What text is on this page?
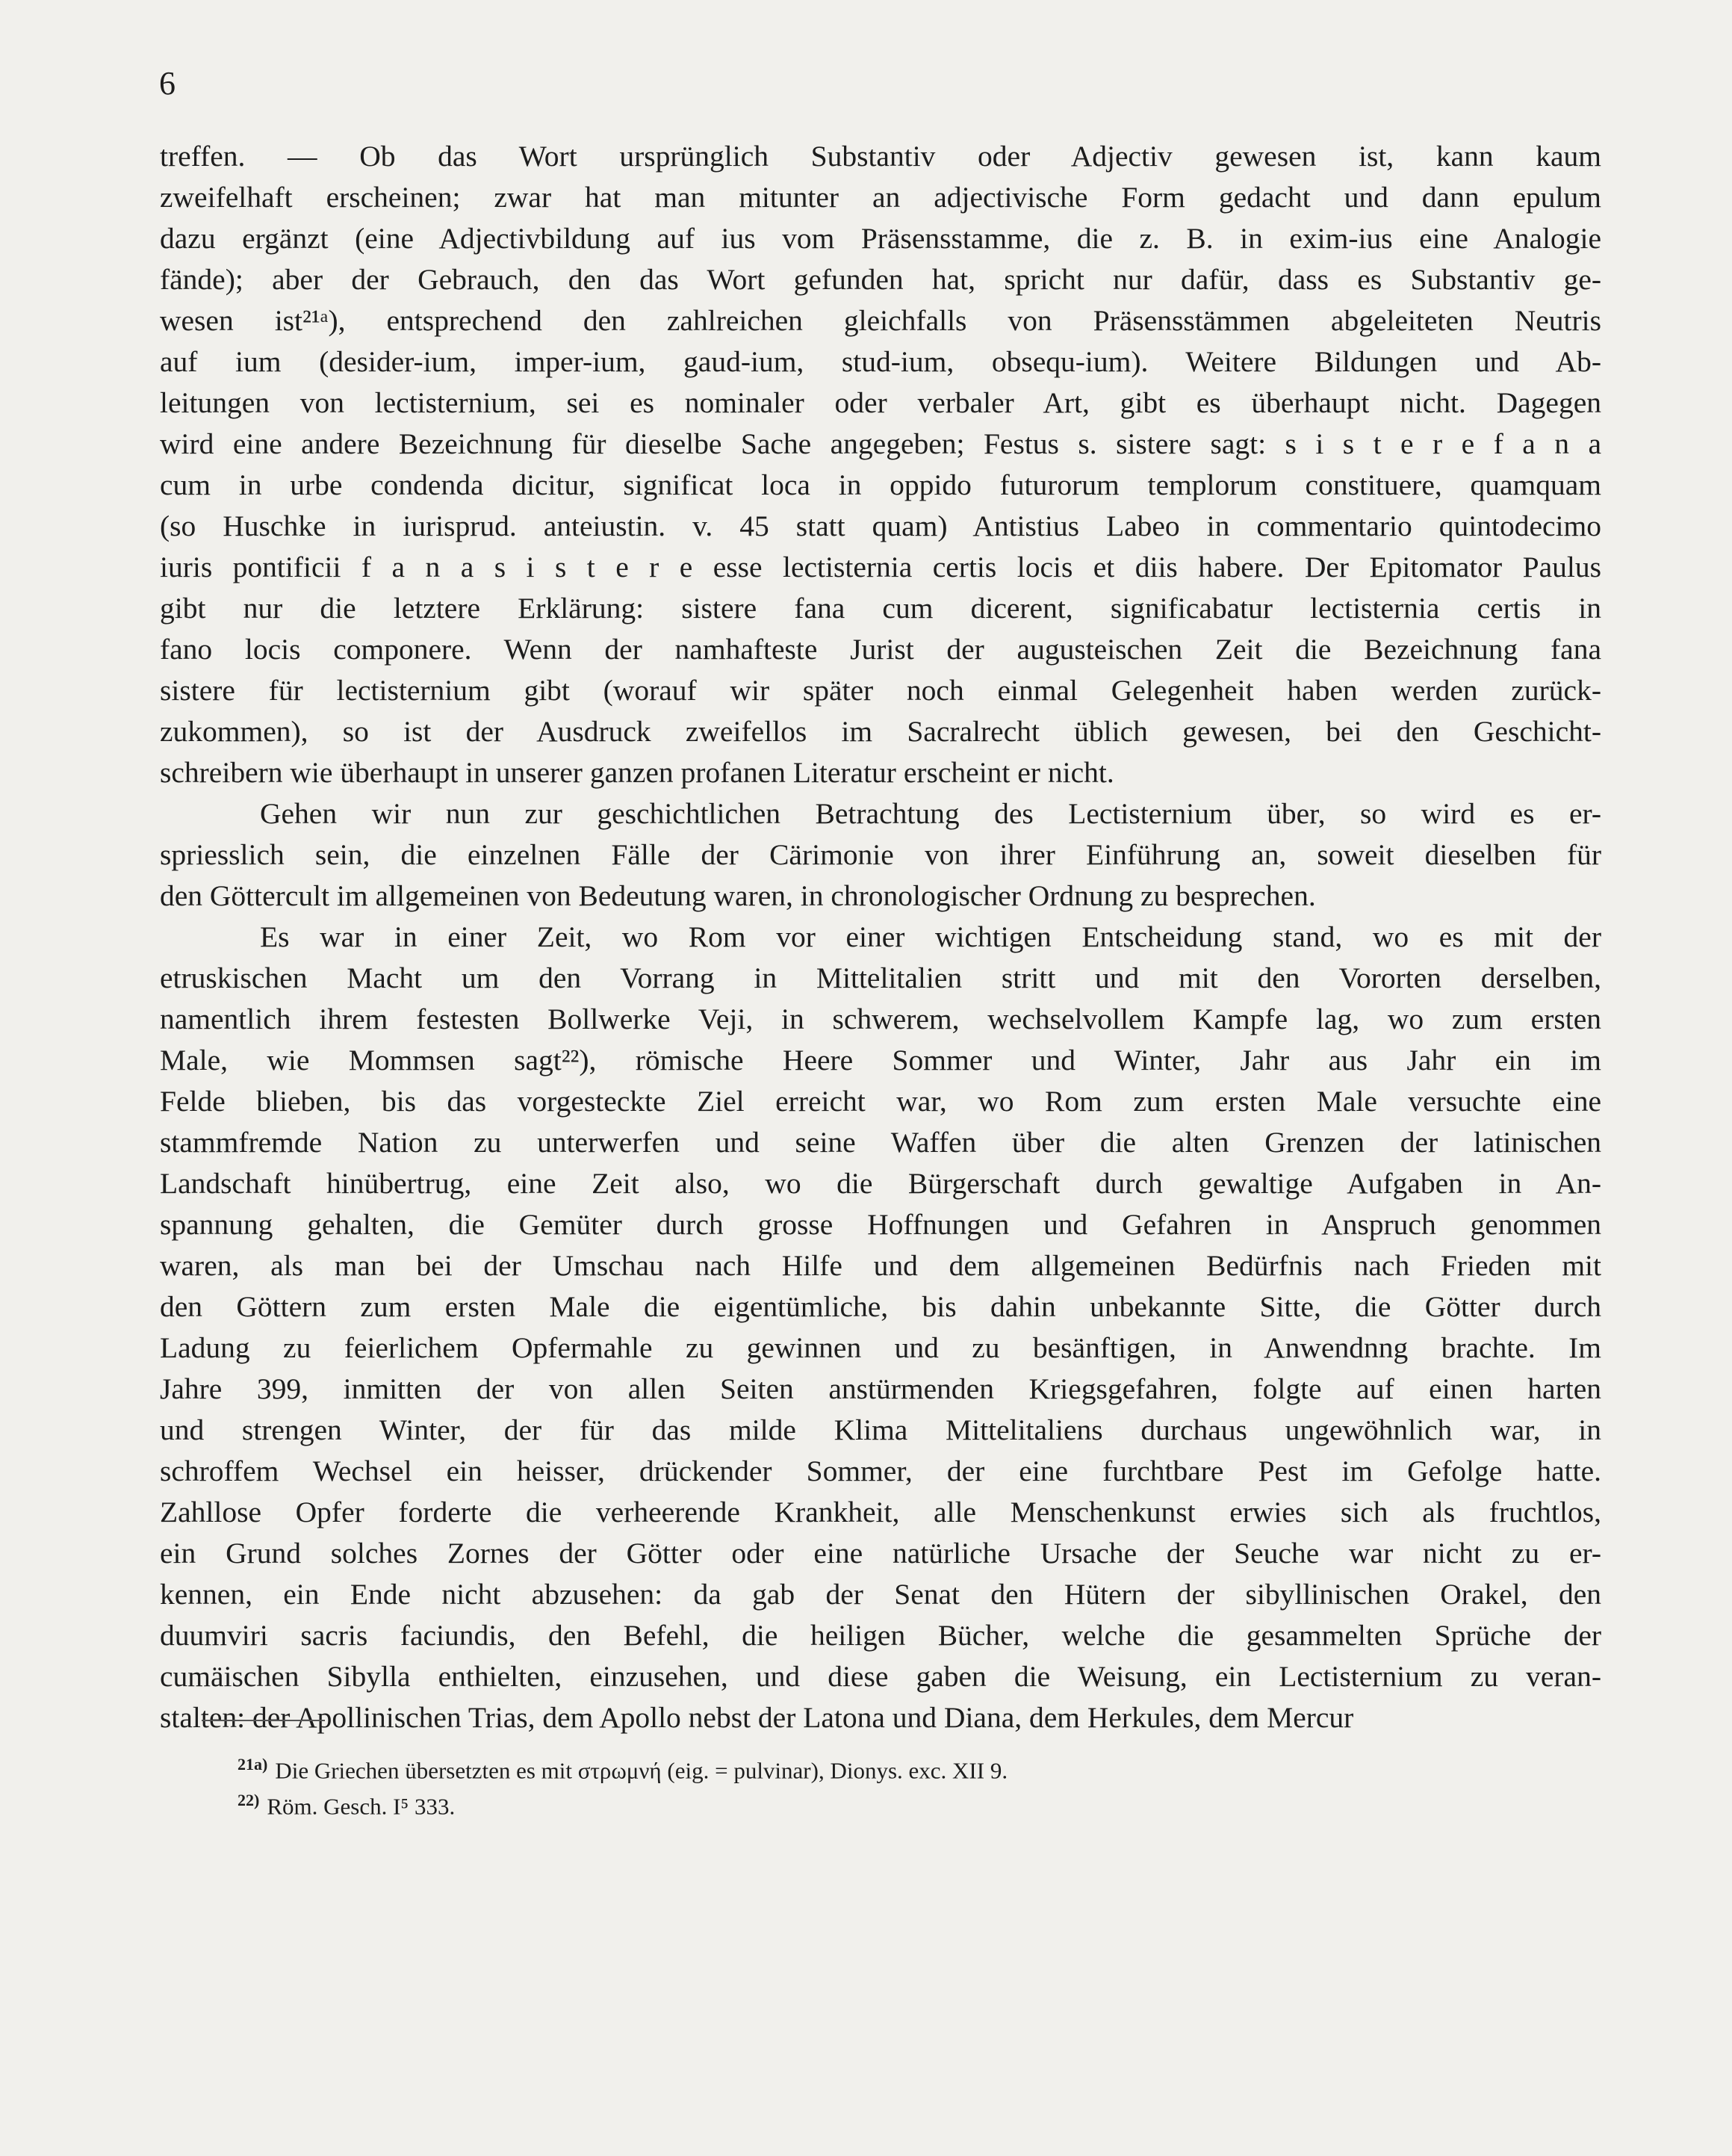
6
treffen. — Ob das Wort ursprünglich Substantiv oder Adjectiv gewesen ist, kann kaum
zweifelhaft erscheinen; zwar hat man mitunter an adjectivische Form gedacht und dann epulum
dazu ergänzt (eine Adjectivbildung auf ius vom Präsensstamme, die z. B. in exim-ius eine Analogie
fände); aber der Gebrauch, den das Wort gefunden hat, spricht nur dafür, dass es Substantiv ge-
wesen ist²¹ᵃ), entsprechend den zahlreichen gleichfalls von Präsensstämmen abgeleiteten Neutris
auf ium (desider-ium, imper-ium, gaud-ium, stud-ium, obsequ-ium). Weitere Bildungen und Ab-
leitungen von lectisternium, sei es nominaler oder verbaler Art, gibt es überhaupt nicht. Dagegen
wird eine andere Bezeichnung für dieselbe Sache angegeben; Festus s. sistere sagt: s i s t e r e f a n a
cum in urbe condenda dicitur, significat loca in oppido futurorum templorum constituere, quamquam
(so Huschke in iurisprud. anteiustin. v. 45 statt quam) Antistius Labeo in commentario quintodecimo
iuris pontificii f a n a s i s t e r e esse lectisternia certis locis et diis habere. Der Epitomator Paulus
gibt nur die letztere Erklärung: sistere fana cum dicerent, significabatur lectisternia certis in
fano locis componere. Wenn der namhafteste Jurist der augusteischen Zeit die Bezeichnung fana
sistere für lectisternium gibt (worauf wir später noch einmal Gelegenheit haben werden zurück-
zukommen), so ist der Ausdruck zweifellos im Sacralrecht üblich gewesen, bei den Geschicht-
schreibern wie überhaupt in unserer ganzen profanen Literatur erscheint er nicht.
Gehen wir nun zur geschichtlichen Betrachtung des Lectisternium über, so wird es er-
spriesslich sein, die einzelnen Fälle der Cärimonie von ihrer Einführung an, soweit dieselben für
den Göttercult im allgemeinen von Bedeutung waren, in chronologischer Ordnung zu besprechen.
Es war in einer Zeit, wo Rom vor einer wichtigen Entscheidung stand, wo es mit der
etruskischen Macht um den Vorrang in Mittelitalien stritt und mit den Vororten derselben,
namentlich ihrem festesten Bollwerke Veji, in schwerem, wechselvollem Kampfe lag, wo zum ersten
Male, wie Mommsen sagt²²), römische Heere Sommer und Winter, Jahr aus Jahr ein im
Felde blieben, bis das vorgesteckte Ziel erreicht war, wo Rom zum ersten Male versuchte eine
stammfremde Nation zu unterwerfen und seine Waffen über die alten Grenzen der latinischen
Landschaft hinübertrug, eine Zeit also, wo die Bürgerschaft durch gewaltige Aufgaben in An-
spannung gehalten, die Gemüter durch grosse Hoffnungen und Gefahren in Anspruch genommen
waren, als man bei der Umschau nach Hilfe und dem allgemeinen Bedürfnis nach Frieden mit
den Göttern zum ersten Male die eigentümliche, bis dahin unbekannte Sitte, die Götter durch
Ladung zu feierlichem Opfermahle zu gewinnen und zu besänftigen, in Anwendnng brachte. Im
Jahre 399, inmitten der von allen Seiten anstürmenden Kriegsgefahren, folgte auf einen harten
und strengen Winter, der für das milde Klima Mittelitaliens durchaus ungewöhnlich war, in
schroffem Wechsel ein heisser, drückender Sommer, der eine furchtbare Pest im Gefolge hatte.
Zahllose Opfer forderte die verheerende Krankheit, alle Menschenkunst erwies sich als fruchtlos,
ein Grund solches Zornes der Götter oder eine natürliche Ursache der Seuche war nicht zu er-
kennen, ein Ende nicht abzusehen: da gab der Senat den Hütern der sibyllinischen Orakel, den
duumviri sacris faciundis, den Befehl, die heiligen Bücher, welche die gesammelten Sprüche der
cumäischen Sibylla enthielten, einzusehen, und diese gaben die Weisung, ein Lectisternium zu veran-
stalten: der Apollinischen Trias, dem Apollo nebst der Latona und Diana, dem Herkules, dem Mercur
$^{21a)}$ Die Griechen übersetzten es mit στρωμνή (eig. = pulvinar), Dionys. exc. XII 9.
$^{22)}$ Röm. Gesch. I⁵ 333.
